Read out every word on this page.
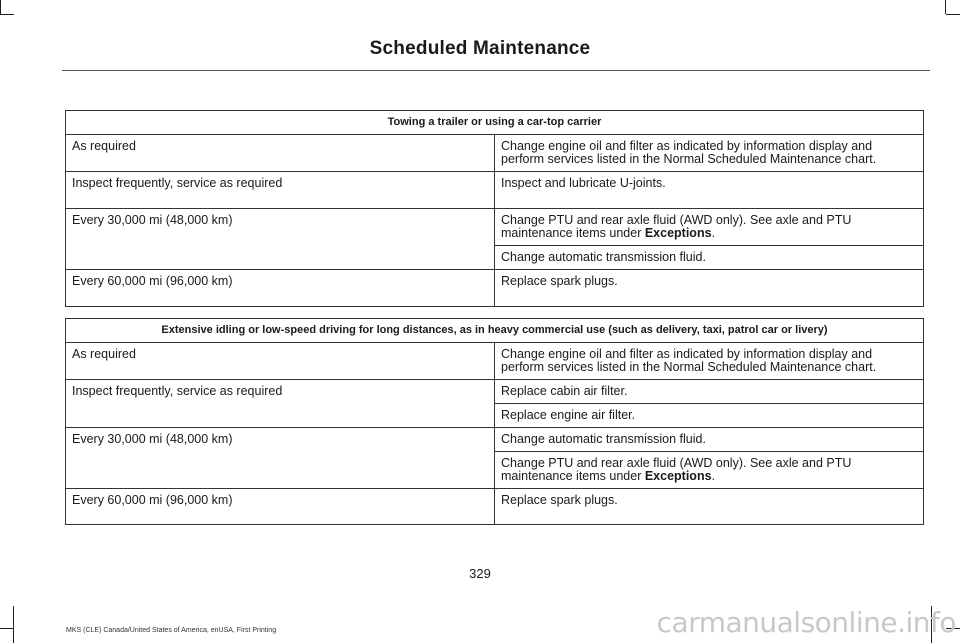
Scheduled Maintenance
Towing a trailer or using a car-top carrier	
As required	Change engine oil and filter as indicated by information display and perform services listed in the Normal Scheduled Maintenance chart.
Inspect frequently, service as required	Inspect and lubricate U-joints.
Every 30,000 mi (48,000 km)	Change PTU and rear axle fluid (AWD only). See axle and PTU maintenance items under Exceptions.
	Change automatic transmission fluid.
Every 60,000 mi (96,000 km)	Replace spark plugs.
Extensive idling or low-speed driving for long distances, as in heavy commercial use (such as delivery, taxi, patrol car or livery)	
As required	Change engine oil and filter as indicated by information display and perform services listed in the Normal Scheduled Maintenance chart.
Inspect frequently, service as required	Replace cabin air filter.
	Replace engine air filter.
Every 30,000 mi (48,000 km)	Change automatic transmission fluid.
	Change PTU and rear axle fluid (AWD only). See axle and PTU maintenance items under Exceptions.
Every 60,000 mi (96,000 km)	Replace spark plugs.
329
MKS (CLE) Canada/United States of America, enUSA, First Printing	carmanualsonline.info
